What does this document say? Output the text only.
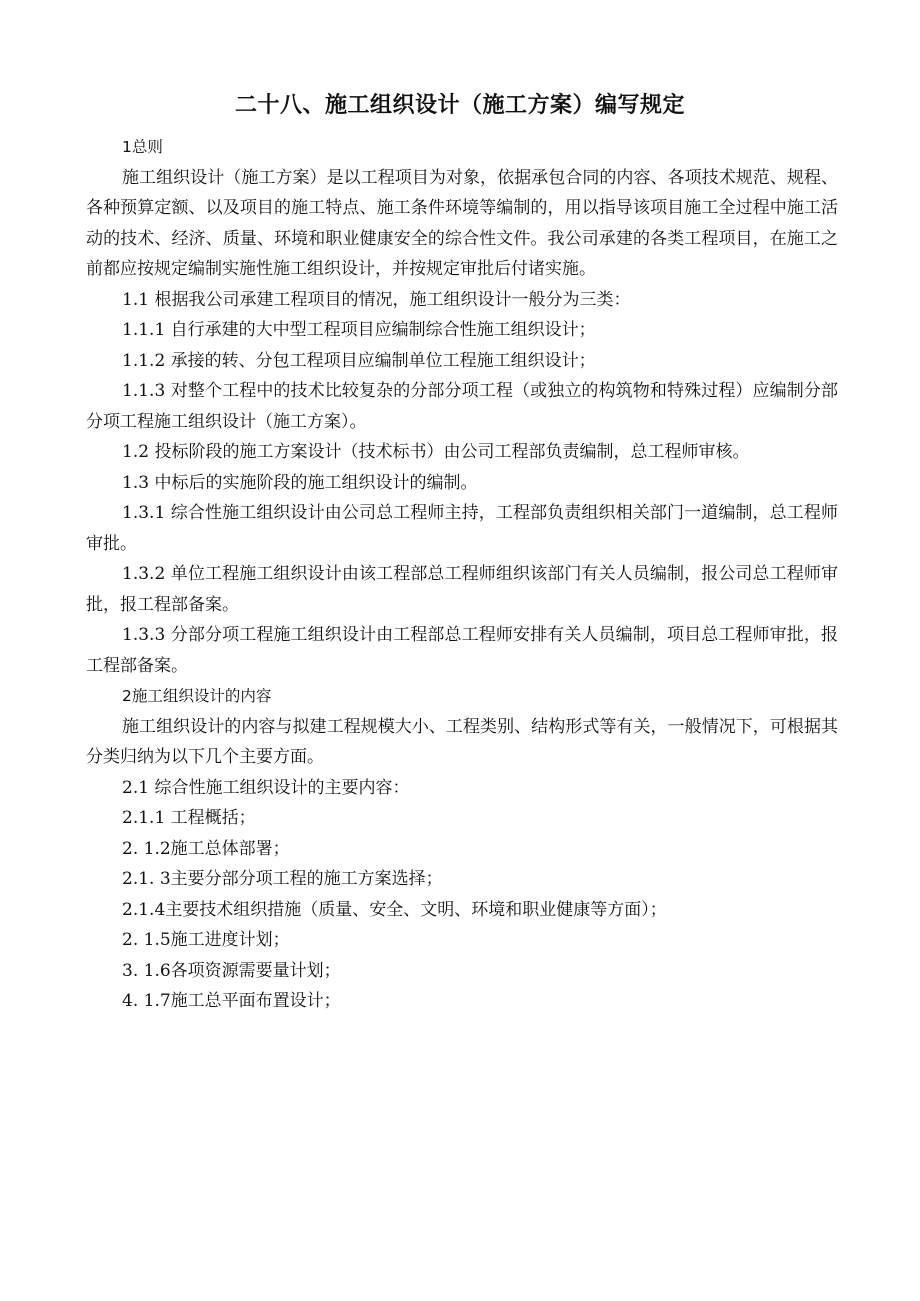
二十八、施工组织设计（施工方案）编写规定

1总则

施工组织设计（施工方案）是以工程项目为对象，依据承包合同的内容、各项技术规范、规程、各种预算定额、以及项目的施工特点、施工条件环境等编制的，用以指导该项目施工全过程中施工活动的技术、经济、质量、环境和职业健康安全的综合性文件。我公司承建的各类工程项目，在施工之前都应按规定编制实施性施工组织设计，并按规定审批后付诸实施。

1.1 根据我公司承建工程项目的情况，施工组织设计一般分为三类：

1.1.1 自行承建的大中型工程项目应编制综合性施工组织设计；

1.1.2 承接的转、分包工程项目应编制单位工程施工组织设计；

1.1.3 对整个工程中的技术比较复杂的分部分项工程（或独立的构筑物和特殊过程）应编制分部分项工程施工组织设计（施工方案）。

1.2 投标阶段的施工方案设计（技术标书）由公司工程部负责编制，总工程师审核。

1.3 中标后的实施阶段的施工组织设计的编制。

1.3.1 综合性施工组织设计由公司总工程师主持，工程部负责组织相关部门一道编制，总工程师审批。

1.3.2 单位工程施工组织设计由该工程部总工程师组织该部门有关人员编制，报公司总工程师审批，报工程部备案。

1.3.3 分部分项工程施工组织设计由工程部总工程师安排有关人员编制，项目总工程师审批，报工程部备案。

2施工组织设计的内容

施工组织设计的内容与拟建工程规模大小、工程类别、结构形式等有关，一般情况下，可根据其分类归纳为以下几个主要方面。

2.1 综合性施工组织设计的主要内容：

2.1.1 工程概括；

2. 1.2施工总体部署；

2.1. 3主要分部分项工程的施工方案选择；

2.1.4主要技术组织措施（质量、安全、文明、环境和职业健康等方面）；

2. 1.5施工进度计划；

3. 1.6各项资源需要量计划；

4. 1.7施工总平面布置设计；
